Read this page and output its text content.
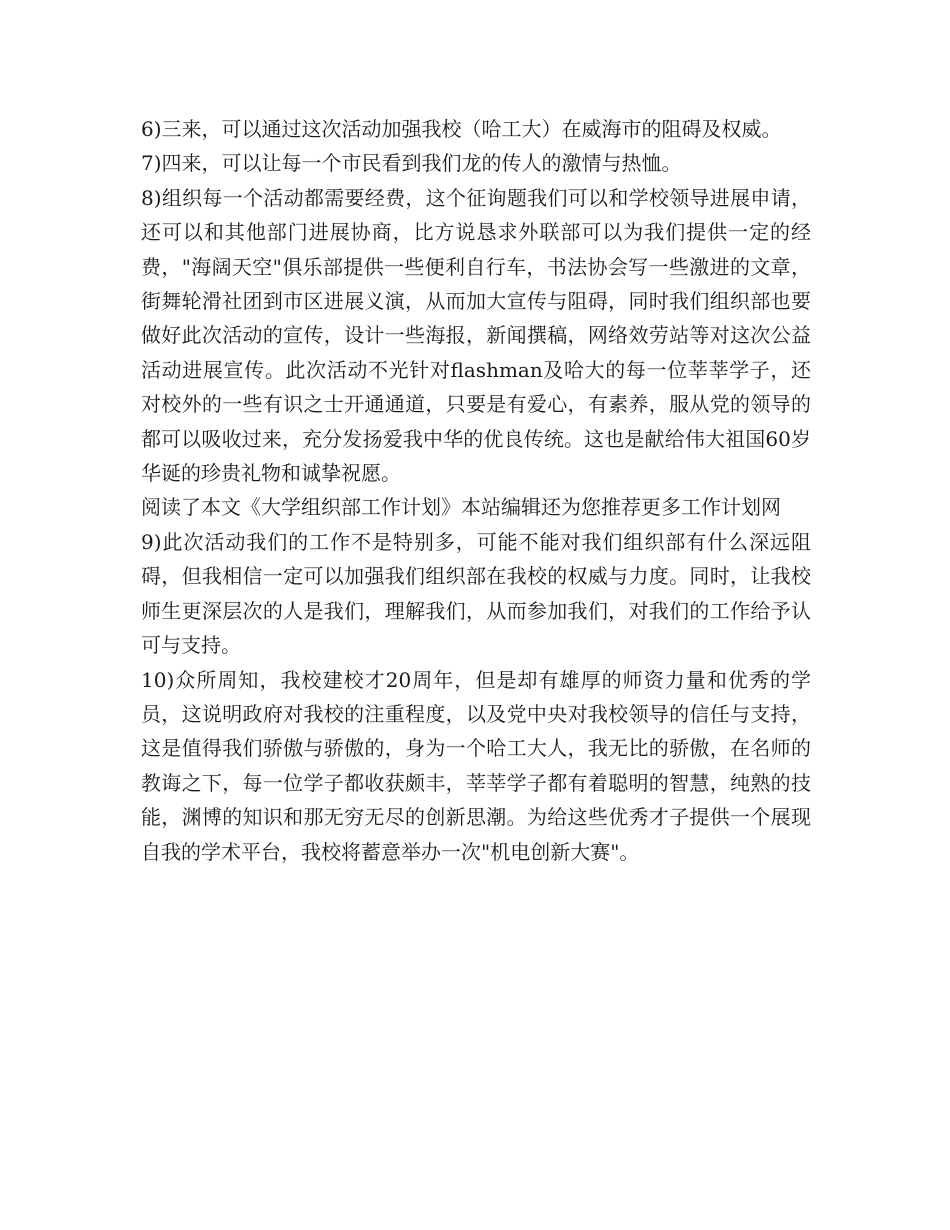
6)三来，可以通过这次活动加强我校（哈工大）在威海市的阻碍及权威。

7)四来，可以让每一个市民看到我们龙的传人的激情与热恤。

8)组织每一个活动都需要经费，这个征询题我们可以和学校领导进展申请，还可以和其他部门进展协商，比方说恳求外联部可以为我们提供一定的经费，"海阔天空"俱乐部提供一些便利自行车，书法协会写一些激进的文章，街舞轮滑社团到市区进展义演，从而加大宣传与阻碍，同时我们组织部也要做好此次活动的宣传，设计一些海报，新闻撰稿，网络效劳站等对这次公益活动进展宣传。此次活动不光针对flashman及哈大的每一位莘莘学子，还对校外的一些有识之士开通通道，只要是有爱心，有素养，服从党的领导的都可以吸收过来，充分发扬爱我中华的优良传统。这也是献给伟大祖国60岁华诞的珍贵礼物和诚挚祝愿。

阅读了本文《大学组织部工作计划》本站编辑还为您推荐更多工作计划网

9)此次活动我们的工作不是特别多，可能不能对我们组织部有什么深远阻碍，但我相信一定可以加强我们组织部在我校的权威与力度。同时，让我校师生更深层次的人是我们，理解我们，从而参加我们，对我们的工作给予认可与支持。

10)众所周知，我校建校才20周年，但是却有雄厚的师资力量和优秀的学员，这说明政府对我校的注重程度，以及党中央对我校领导的信任与支持，这是值得我们骄傲与骄傲的，身为一个哈工大人，我无比的骄傲，在名师的教诲之下，每一位学子都收获颇丰，莘莘学子都有着聪明的智慧，纯熟的技能，渊博的知识和那无穷无尽的创新思潮。为给这些优秀才子提供一个展现自我的学术平台，我校将蓄意举办一次"机电创新大赛"。
